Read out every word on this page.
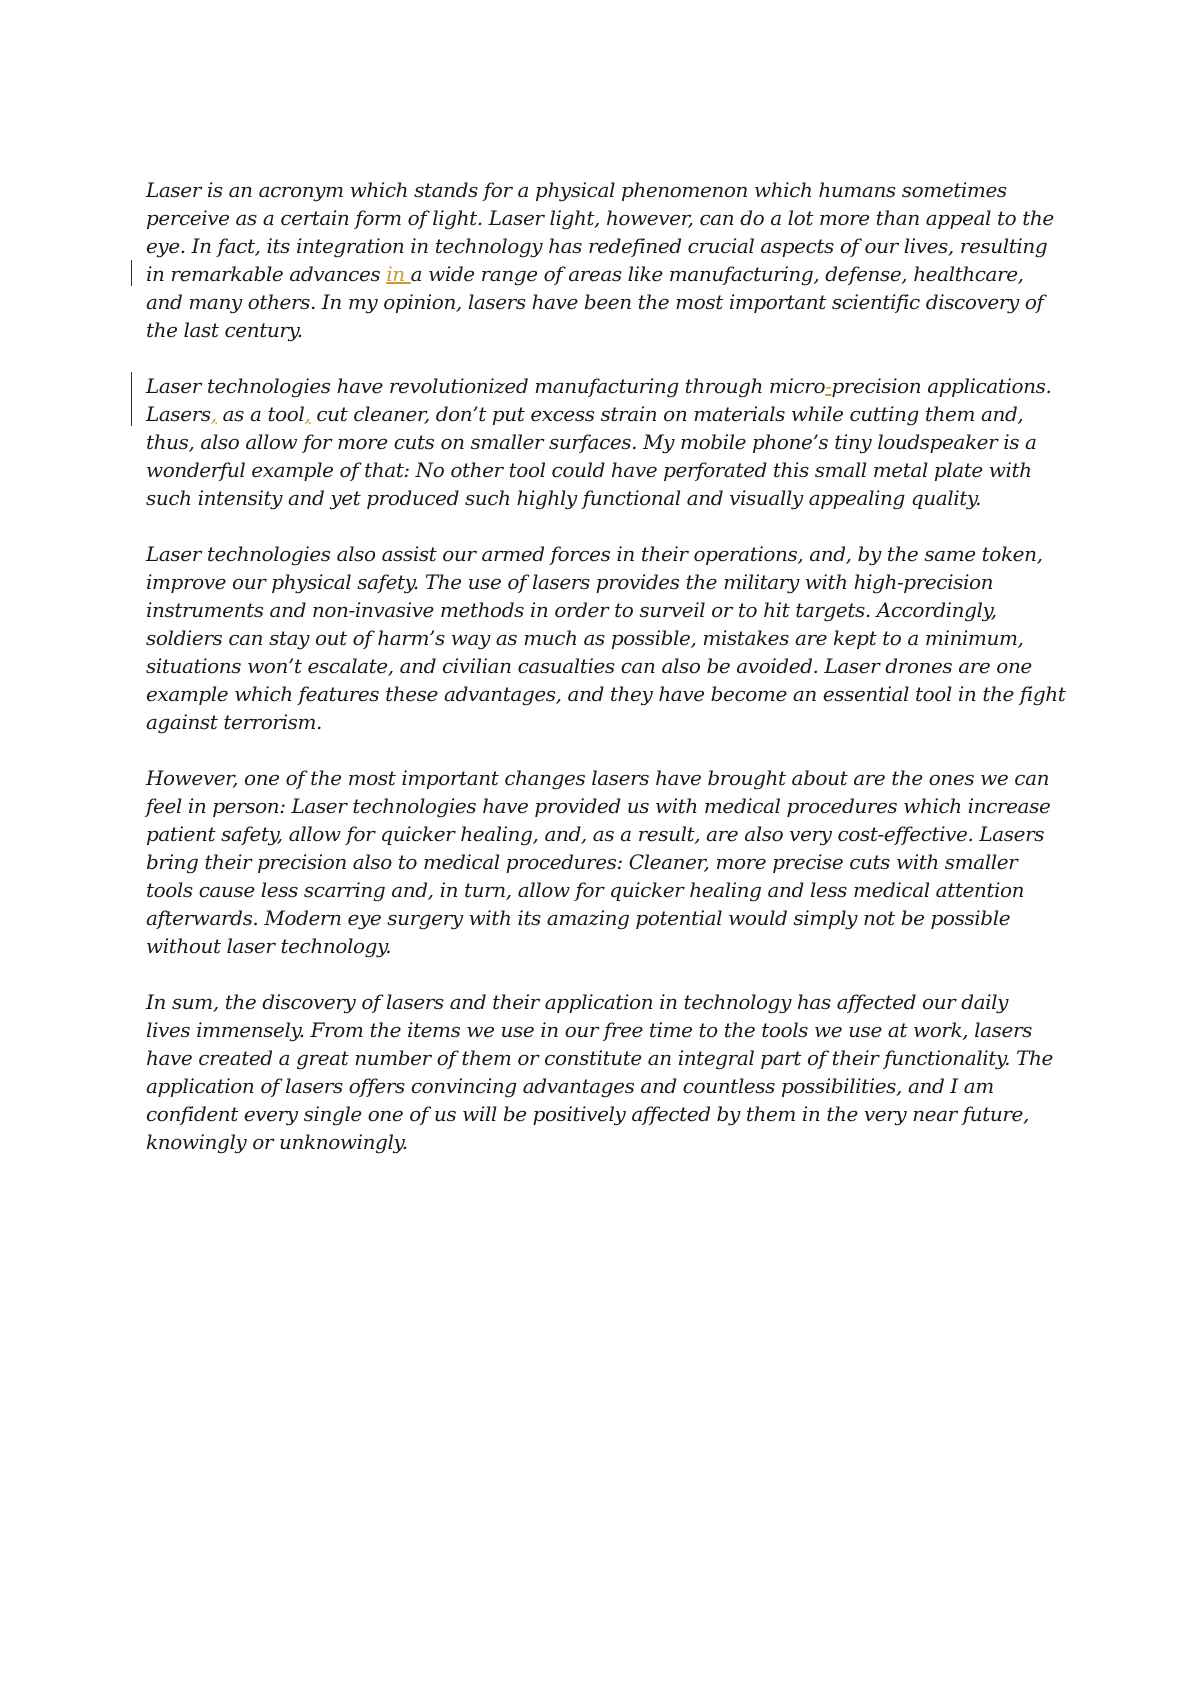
Laser is an acronym which stands for a physical phenomenon which humans sometimes
perceive as a certain form of light. Laser light, however, can do a lot more than appeal to the
eye. In fact, its integration in technology has redefined crucial aspects of our lives, resulting
in remarkable advances in a wide range of areas like manufacturing, defense, healthcare,
and many others. In my opinion, lasers have been the most important scientific discovery of
the last century.
Laser technologies have revolutionized manufacturing through micro-precision applications.
Lasers, as a tool, cut cleaner, don’t put excess strain on materials while cutting them and,
thus, also allow for more cuts on smaller surfaces. My mobile phone’s tiny loudspeaker is a
wonderful example of that: No other tool could have perforated this small metal plate with
such intensity and yet produced such highly functional and visually appealing quality.
Laser technologies also assist our armed forces in their operations, and, by the same token,
improve our physical safety. The use of lasers provides the military with high-precision
instruments and non-invasive methods in order to surveil or to hit targets. Accordingly,
soldiers can stay out of harm’s way as much as possible, mistakes are kept to a minimum,
situations won’t escalate, and civilian casualties can also be avoided. Laser drones are one
example which features these advantages, and they have become an essential tool in the fight
against terrorism.
However, one of the most important changes lasers have brought about are the ones we can
feel in person: Laser technologies have provided us with medical procedures which increase
patient safety, allow for quicker healing, and, as a result, are also very cost-effective. Lasers
bring their precision also to medical procedures: Cleaner, more precise cuts with smaller
tools cause less scarring and, in turn, allow for quicker healing and less medical attention
afterwards. Modern eye surgery with its amazing potential would simply not be possible
without laser technology.
In sum, the discovery of lasers and their application in technology has affected our daily
lives immensely. From the items we use in our free time to the tools we use at work, lasers
have created a great number of them or constitute an integral part of their functionality. The
application of lasers offers convincing advantages and countless possibilities, and I am
confident every single one of us will be positively affected by them in the very near future,
knowingly or unknowingly.
